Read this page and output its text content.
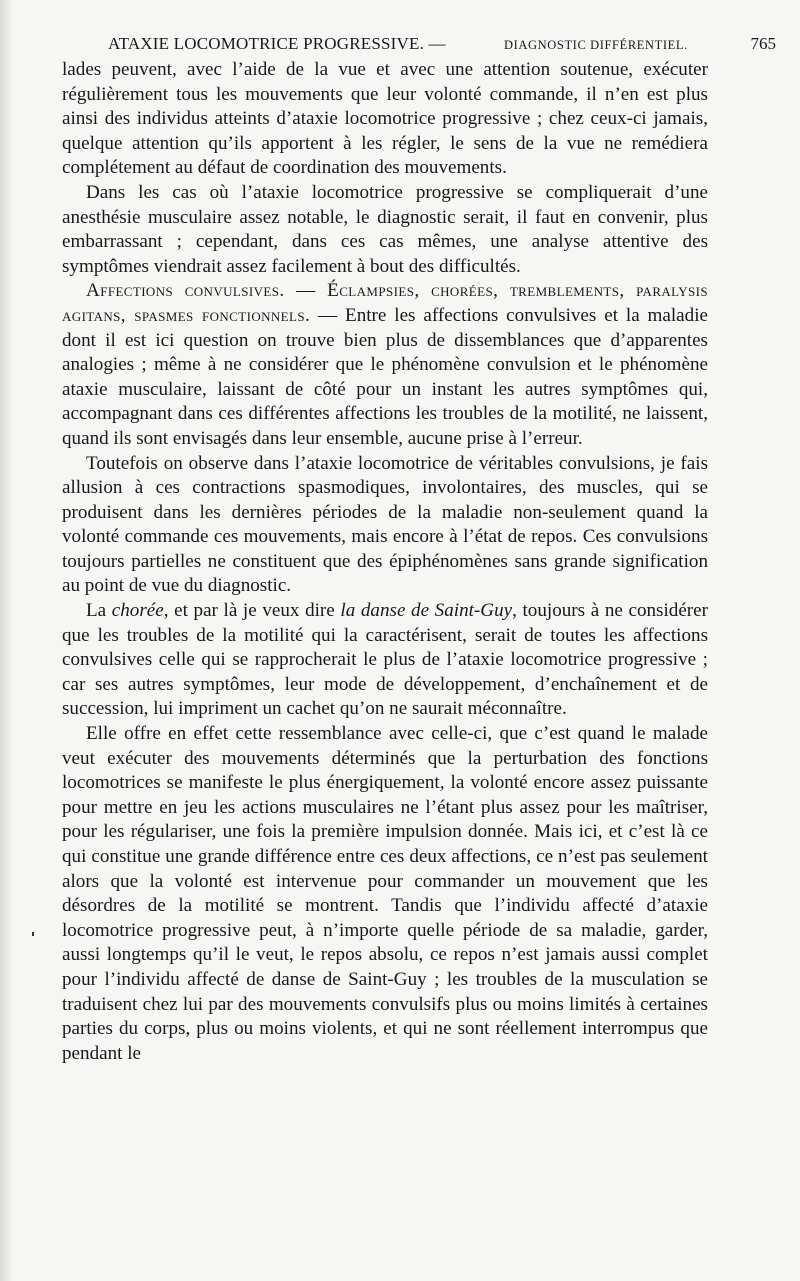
ATAXIE LOCOMOTRICE PROGRESSIVE. —	DIAGNOSTIC DIFFÉRENTIEL.	765

lades peuvent, avec l’aide de la vue et avec une attention soutenue, exécuter régulièrement tous les mouvements que leur volonté commande, il n’en est plus ainsi des individus atteints d’ataxie locomotrice progressive ; chez ceux-ci jamais, quelque attention qu’ils apportent à les régler, le sens de la vue ne remédiera complétement au défaut de coordination des mouvements.

Dans les cas où l’ataxie locomotrice progressive se compliquerait d’une anesthésie musculaire assez notable, le diagnostic serait, il faut en convenir, plus embarrassant ; cependant, dans ces cas mêmes, une analyse attentive des symptômes viendrait assez facilement à bout des difficultés.

Affections convulsives. — Éclampsies, chorées, tremblements, paralysis agitans, spasmes fonctionnels. — Entre les affections convulsives et la maladie dont il est ici question on trouve bien plus de dissemblances que d’apparentes analogies ; même à ne considérer que le phénomène convulsion et le phénomène ataxie musculaire, laissant de côté pour un instant les autres symptômes qui, accompagnant dans ces différentes affections les troubles de la motilité, ne laissent, quand ils sont envisagés dans leur ensemble, aucune prise à l’erreur.

Toutefois on observe dans l’ataxie locomotrice de véritables convulsions, je fais allusion à ces contractions spasmodiques, involontaires, des muscles, qui se produisent dans les dernières périodes de la maladie non-seulement quand la volonté commande ces mouvements, mais encore à l’état de repos. Ces convulsions toujours partielles ne constituent que des épiphénomènes sans grande signification au point de vue du diagnostic.

La chorée, et par là je veux dire la danse de Saint-Guy, toujours à ne considérer que les troubles de la motilité qui la caractérisent, serait de toutes les affections convulsives celle qui se rapprocherait le plus de l’ataxie locomotrice progressive ; car ses autres symptômes, leur mode de développement, d’enchaînement et de succession, lui impriment un cachet qu’on ne saurait méconnaître.

Elle offre en effet cette ressemblance avec celle-ci, que c’est quand le malade veut exécuter des mouvements déterminés que la perturbation des fonctions locomotrices se manifeste le plus énergiquement, la volonté encore assez puissante pour mettre en jeu les actions musculaires ne l’étant plus assez pour les maîtriser, pour les régulariser, une fois la première impulsion donnée. Mais ici, et c’est là ce qui constitue une grande différence entre ces deux affections, ce n’est pas seulement alors que la volonté est intervenue pour commander un mouvement que les désordres de la motilité se montrent. Tandis que l’individu affecté d’ataxie locomotrice progressive peut, à n’importe quelle période de sa maladie, garder, aussi longtemps qu’il le veut, le repos absolu, ce repos n’est jamais aussi complet pour l’individu affecté de danse de Saint-Guy ; les troubles de la musculation se traduisent chez lui par des mouvements convulsifs plus ou moins limités à certaines parties du corps, plus ou moins violents, et qui ne sont réellement interrompus que pendant le
